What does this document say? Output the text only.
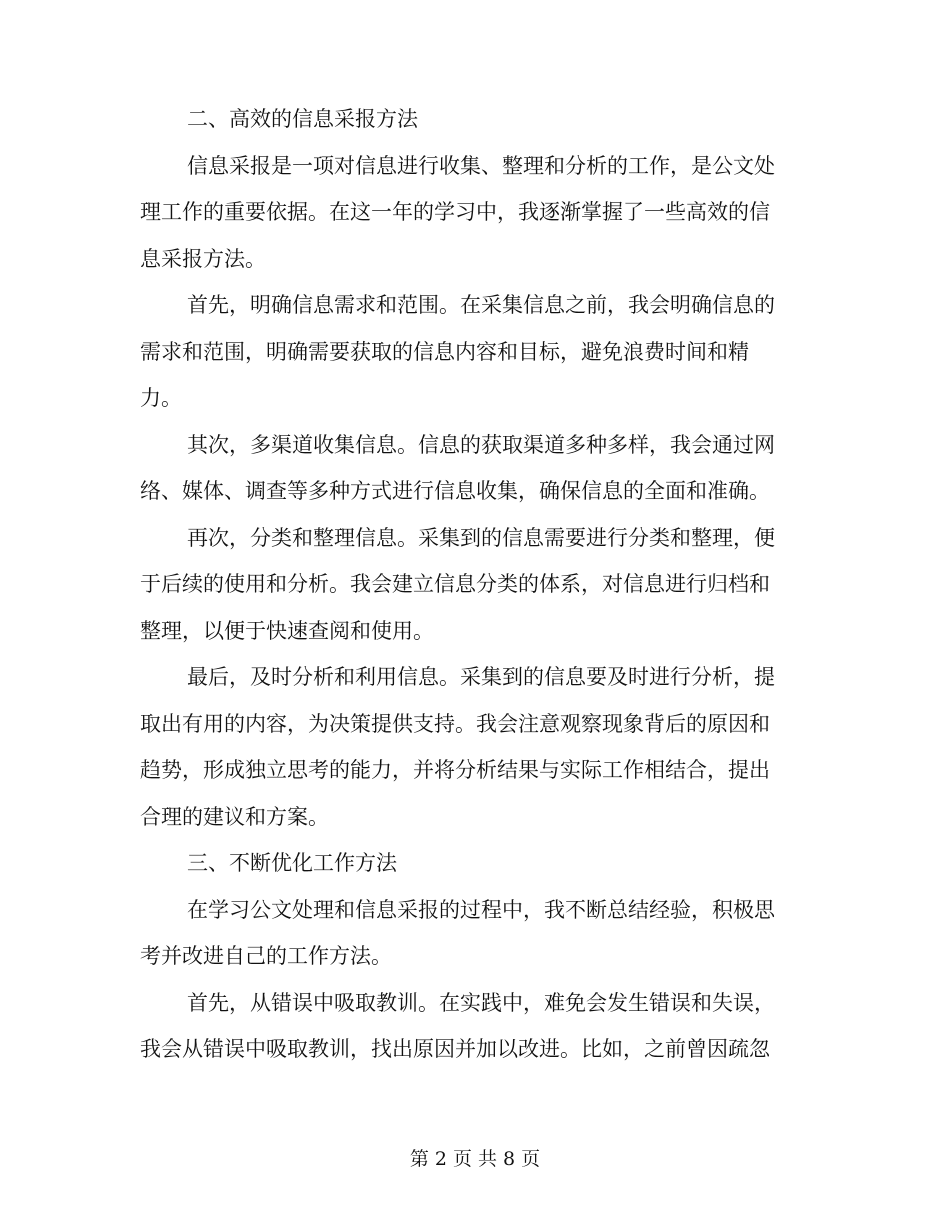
二、高效的信息采报方法
信息采报是一项对信息进行收集、整理和分析的工作，是公文处
理工作的重要依据。在这一年的学习中，我逐渐掌握了一些高效的信
息采报方法。
首先，明确信息需求和范围。在采集信息之前，我会明确信息的
需求和范围，明确需要获取的信息内容和目标，避免浪费时间和精
力。
其次，多渠道收集信息。信息的获取渠道多种多样，我会通过网
络、媒体、调查等多种方式进行信息收集，确保信息的全面和准确。
再次，分类和整理信息。采集到的信息需要进行分类和整理，便
于后续的使用和分析。我会建立信息分类的体系，对信息进行归档和
整理，以便于快速查阅和使用。
最后，及时分析和利用信息。采集到的信息要及时进行分析，提
取出有用的内容，为决策提供支持。我会注意观察现象背后的原因和
趋势，形成独立思考的能力，并将分析结果与实际工作相结合，提出
合理的建议和方案。
三、不断优化工作方法
在学习公文处理和信息采报的过程中，我不断总结经验，积极思
考并改进自己的工作方法。
首先，从错误中吸取教训。在实践中，难免会发生错误和失误，
我会从错误中吸取教训，找出原因并加以改进。比如，之前曾因疏忽
第 2 页 共 8 页
